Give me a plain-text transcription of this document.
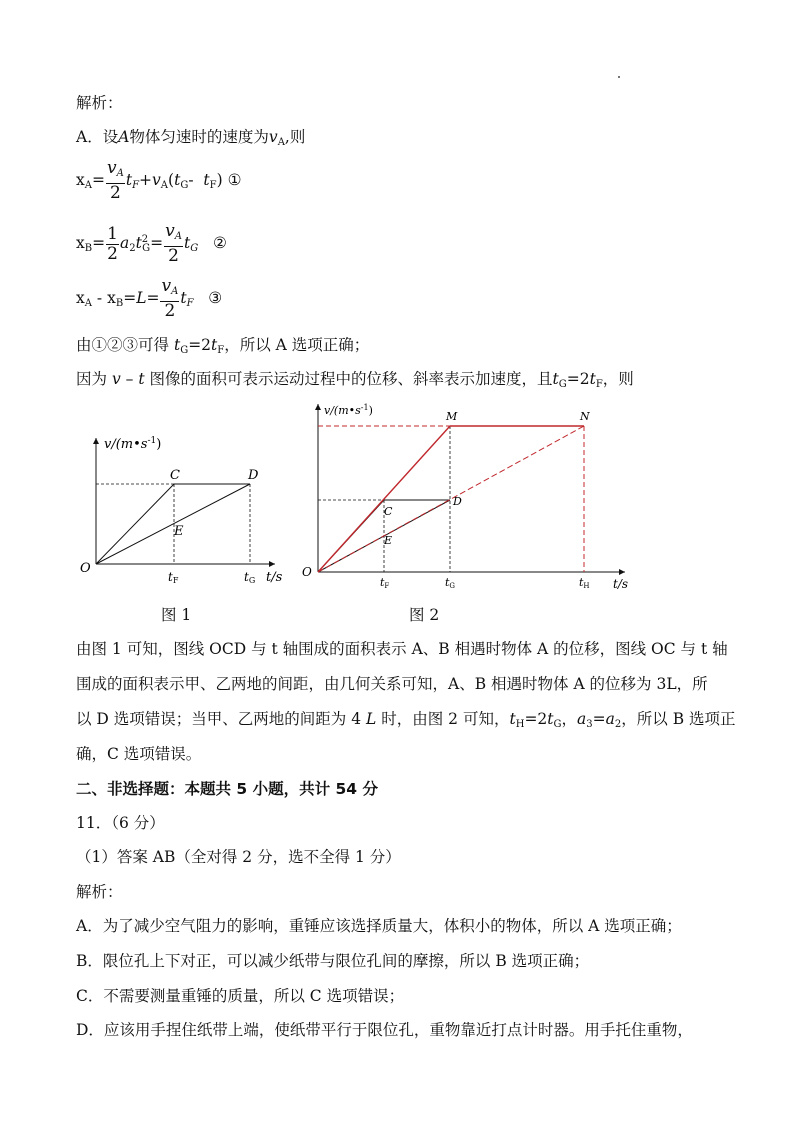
解析：
A．设A物体匀速时的速度为$v_A$,则
$x_A= \frac{v_A}{2} t_F+v_A(t_G-$  $t_F$) ①
$x_B= \frac{1}{2} a_2t^2_G= \frac{v_A}{2} t_G$ ②
$x_A - x_B=L= \frac{v_A}{2} t_F$ ③
由①②③可得 $t_G=2t_F$，所以 A 选项正确；
因为 v – t 图像的面积可表示运动过程中的位移、斜率表示加速度，且$t_G=2t_F$，则
$v/(m•s^{-1})$
O
C	D
E
tF	tG t/s
图 1
$v/(m•s^{-1})$
O
M	N
C
D
E
tF	tG	tH t/s
图 2
由图 1 可知，图线 OCD 与 t 轴围成的面积表示 A、B 相遇时物体 A 的位移，图线 OC 与 t 轴
围成的面积表示甲、乙两地的间距，由几何关系可知，A、B 相遇时物体 A 的位移为 3L，所
以 D 选项错误；当甲、乙两地的间距为 4 L 时，由图 2 可知，$t_H=2t_G$，$a_3=a_2$，所以 B 选项正
确，C 选项错误。
二、非选择题：本题共 5 小题，共计 54 分
11．（6 分）
（1）答案 AB（全对得 2 分，选不全得 1 分）
解析：
A．为了减少空气阻力的影响，重锤应该选择质量大，体积小的物体，所以 A 选项正确；
B．限位孔上下对正，可以减少纸带与限位孔间的摩擦，所以 B 选项正确；
C．不需要测量重锤的质量，所以 C 选项错误；
D．应该用手捏住纸带上端，使纸带平行于限位孔，重物靠近打点计时器。用手托住重物，
